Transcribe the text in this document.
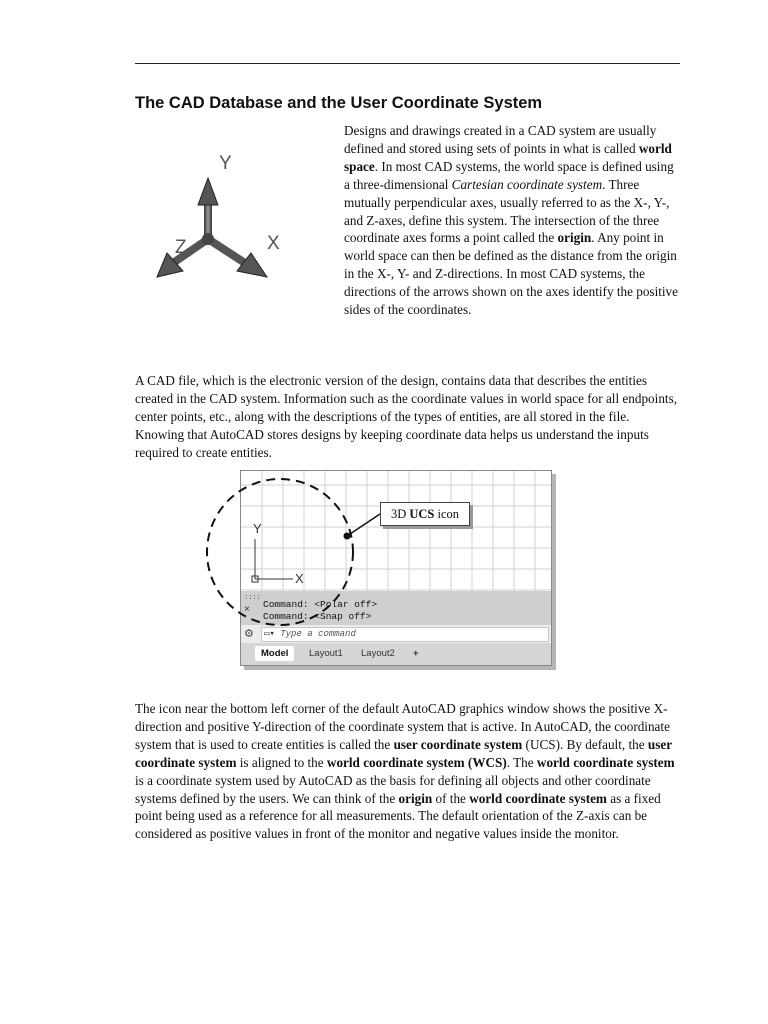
The CAD Database and the User Coordinate System
Y
Z	X

Designs and drawings created in a CAD system are usually defined and stored using sets of points in what is called world space. In most CAD systems, the world space is defined using a three-dimensional Cartesian coordinate system. Three mutually perpendicular axes, usually referred to as the X-, Y-, and Z-axes, define this system. The intersection of the three coordinate axes forms a point called the origin. Any point in world space can then be defined as the distance from the origin in the X-, Y- and Z-directions. In most CAD systems, the directions of the arrows shown on the axes identify the positive sides of the coordinates.

A CAD file, which is the electronic version of the design, contains data that describes the entities created in the CAD system. Information such as the coordinate values in world space for all endpoints, center points, etc., along with the descriptions of the types of entities, are all stored in the file. Knowing that AutoCAD stores designs by keeping coordinate data helps us understand the inputs required to create entities.

Y
X
::::
×
Command: <Polar off>
Command: <Snap off>
⚙	▭▾ Type a command
Model	Layout1	Layout2	+
3D UCS icon

The icon near the bottom left corner of the default AutoCAD graphics window shows the positive X-direction and positive Y-direction of the coordinate system that is active. In AutoCAD, the coordinate system that is used to create entities is called the user coordinate system (UCS). By default, the user coordinate system is aligned to the world coordinate system (WCS). The world coordinate system is a coordinate system used by AutoCAD as the basis for defining all objects and other coordinate systems defined by the users. We can think of the origin of the world coordinate system as a fixed point being used as a reference for all measurements. The default orientation of the Z-axis can be considered as positive values in front of the monitor and negative values inside the monitor.
